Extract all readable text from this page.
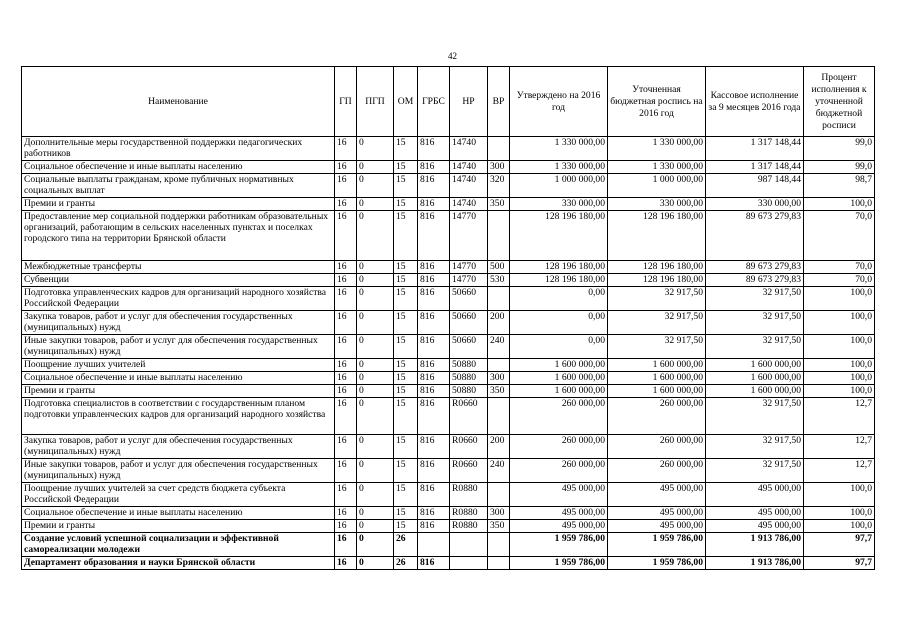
42
Наименование	ГП	ПГП	ОМ	ГРБС	НР	ВР	Утверждено на 2016 год	Уточненная бюджетная роспись на 2016 год	Кассовое исполнение за 9 месяцев 2016 года	Процент исполнения к уточненной бюджетной росписи
Дополнительные меры государственной поддержки педагогических работников	16	0	15	816	14740		1 330 000,00	1 330 000,00	1 317 148,44	99,0
Социальное обеспечение и иные выплаты населению	16	0	15	816	14740	300	1 330 000,00	1 330 000,00	1 317 148,44	99,0
Социальные выплаты гражданам, кроме публичных нормативных социальных выплат	16	0	15	816	14740	320	1 000 000,00	1 000 000,00	987 148,44	98,7
Премии и гранты	16	0	15	816	14740	350	330 000,00	330 000,00	330 000,00	100,0
Предоставление мер социальной поддержки работникам образовательных организаций, работающим в сельских населенных пунктах и поселках городского типа на территории Брянской области	16	0	15	816	14770		128 196 180,00	128 196 180,00	89 673 279,83	70,0
Межбюджетные трансферты	16	0	15	816	14770	500	128 196 180,00	128 196 180,00	89 673 279,83	70,0
Субвенции	16	0	15	816	14770	530	128 196 180,00	128 196 180,00	89 673 279,83	70,0
Подготовка управленческих кадров для организаций народного хозяйства Российской Федерации	16	0	15	816	50660		0,00	32 917,50	32 917,50	100,0
Закупка товаров, работ и услуг для обеспечения государственных (муниципальных) нужд	16	0	15	816	50660	200	0,00	32 917,50	32 917,50	100,0
Иные закупки товаров, работ и услуг для обеспечения государственных (муниципальных) нужд	16	0	15	816	50660	240	0,00	32 917,50	32 917,50	100,0
Поощрение лучших учителей	16	0	15	816	50880		1 600 000,00	1 600 000,00	1 600 000,00	100,0
Социальное обеспечение и иные выплаты населению	16	0	15	816	50880	300	1 600 000,00	1 600 000,00	1 600 000,00	100,0
Премии и гранты	16	0	15	816	50880	350	1 600 000,00	1 600 000,00	1 600 000,00	100,0
Подготовка специалистов в соответствии с государственным планом подготовки управленческих кадров для организаций народного хозяйства	16	0	15	816	R0660		260 000,00	260 000,00	32 917,50	12,7
Закупка товаров, работ и услуг для обеспечения государственных (муниципальных) нужд	16	0	15	816	R0660	200	260 000,00	260 000,00	32 917,50	12,7
Иные закупки товаров, работ и услуг для обеспечения государственных (муниципальных) нужд	16	0	15	816	R0660	240	260 000,00	260 000,00	32 917,50	12,7
Поощрение лучших учителей за счет средств бюджета субъекта Российской Федерации	16	0	15	816	R0880		495 000,00	495 000,00	495 000,00	100,0
Социальное обеспечение и иные выплаты населению	16	0	15	816	R0880	300	495 000,00	495 000,00	495 000,00	100,0
Премии и гранты	16	0	15	816	R0880	350	495 000,00	495 000,00	495 000,00	100,0
Создание условий успешной социализации и эффективной самореализации молодежи	16	0	26				1 959 786,00	1 959 786,00	1 913 786,00	97,7
Департамент образования и науки Брянской области	16	0	26	816			1 959 786,00	1 959 786,00	1 913 786,00	97,7
